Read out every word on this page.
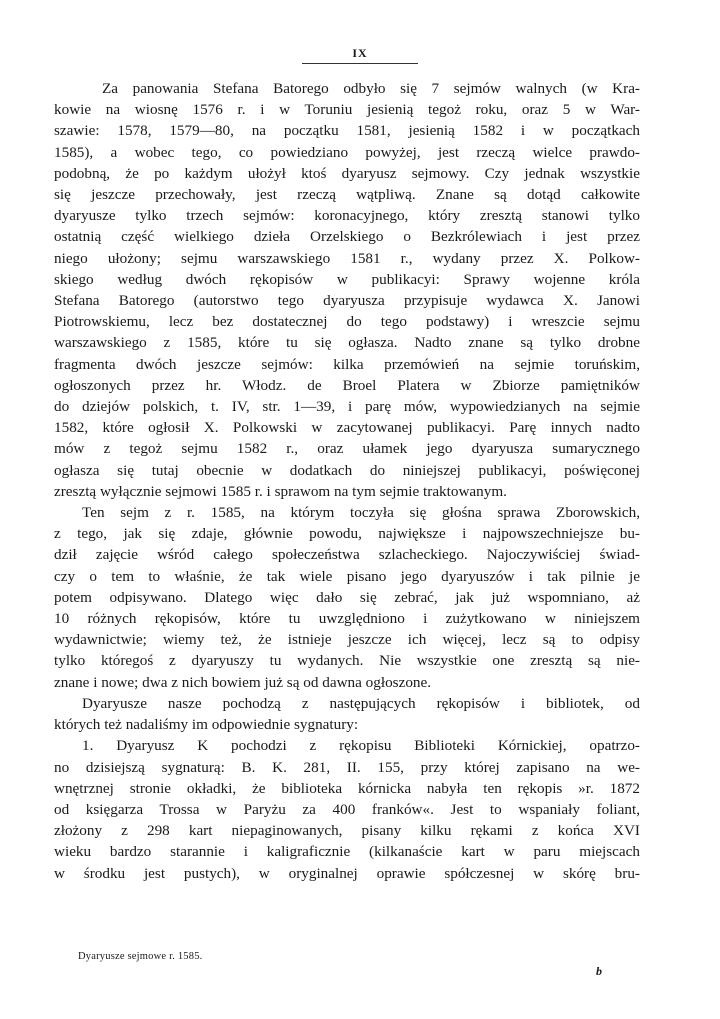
IX
Za panowania Stefana Batorego odbyło się 7 sejmów walnych (w Kra-
kowie na wiosnę 1576 r. i w Toruniu jesienią tegoż roku, oraz 5 w War-
szawie: 1578, 1579—80, na początku 1581, jesienią 1582 i w początkach
1585), a wobec tego, co powiedziano powyżej, jest rzeczą wielce prawdo-
podobną, że po każdym ułożył ktoś dyaryusz sejmowy. Czy jednak wszystkie
się jeszcze przechowały, jest rzeczą wątpliwą. Znane są dotąd całkowite
dyaryusze tylko trzech sejmów: koronacyjnego, który zresztą stanowi tylko
ostatnią część wielkiego dzieła Orzelskiego o Bezkrólewiach i jest przez
niego ułożony; sejmu warszawskiego 1581 r., wydany przez X. Polkow-
skiego według dwóch rękopisów w publikacyi: Sprawy wojenne króla
Stefana Batorego (autorstwo tego dyaryusza przypisuje wydawca X. Janowi
Piotrowskiemu, lecz bez dostatecznej do tego podstawy) i wreszcie sejmu
warszawskiego z 1585, które tu się ogłasza. Nadto znane są tylko drobne
fragmenta dwóch jeszcze sejmów: kilka przemówień na sejmie toruńskim,
ogłoszonych przez hr. Włodz. de Broel Platera w Zbiorze pamiętników
do dziejów polskich, t. IV, str. 1—39, i parę mów, wypowiedzianych na sejmie
1582, które ogłosił X. Polkowski w zacytowanej publikacyi. Parę innych nadto
mów z tegoż sejmu 1582 r., oraz ułamek jego dyaryusza sumarycznego
ogłasza się tutaj obecnie w dodatkach do niniejszej publikacyi, poświęconej
zresztą wyłącznie sejmowi 1585 r. i sprawom na tym sejmie traktowanym.
Ten sejm z r. 1585, na którym toczyła się głośna sprawa Zborowskich,
z tego, jak się zdaje, głównie powodu, największe i najpowszechniejsze bu-
dził zajęcie wśród całego społeczeństwa szlacheckiego. Najoczywiściej świad-
czy o tem to właśnie, że tak wiele pisano jego dyaryuszów i tak pilnie je
potem odpisywano. Dlatego więc dało się zebrać, jak już wspomniano, aż
10 różnych rękopisów, które tu uwzględniono i zużytkowano w niniejszem
wydawnictwie; wiemy też, że istnieje jeszcze ich więcej, lecz są to odpisy
tylko któregoś z dyaryuszy tu wydanych. Nie wszystkie one zresztą są nie-
znane i nowe; dwa z nich bowiem już są od dawna ogłoszone.
Dyaryusze nasze pochodzą z następujących rękopisów i bibliotek, od
których też nadaliśmy im odpowiednie sygnatury:
1. Dyaryusz K pochodzi z rękopisu Biblioteki Kórnickiej, opatrzo-
no dzisiejszą sygnaturą: B. K. 281, II. 155, przy której zapisano na we-
wnętrznej stronie okładki, że biblioteka kórnicka nabyła ten rękopis »r. 1872
od księgarza Trossa w Paryżu za 400 franków«. Jest to wspaniały foliant,
złożony z 298 kart niepaginowanych, pisany kilku rękami z końca XVI
wieku bardzo starannie i kaligraficznie (kilkanaście kart w paru miejscach
w środku jest pustych), w oryginalnej oprawie spółczesnej w skórę bru-
Dyaryusze sejmowe r. 1585.
b
